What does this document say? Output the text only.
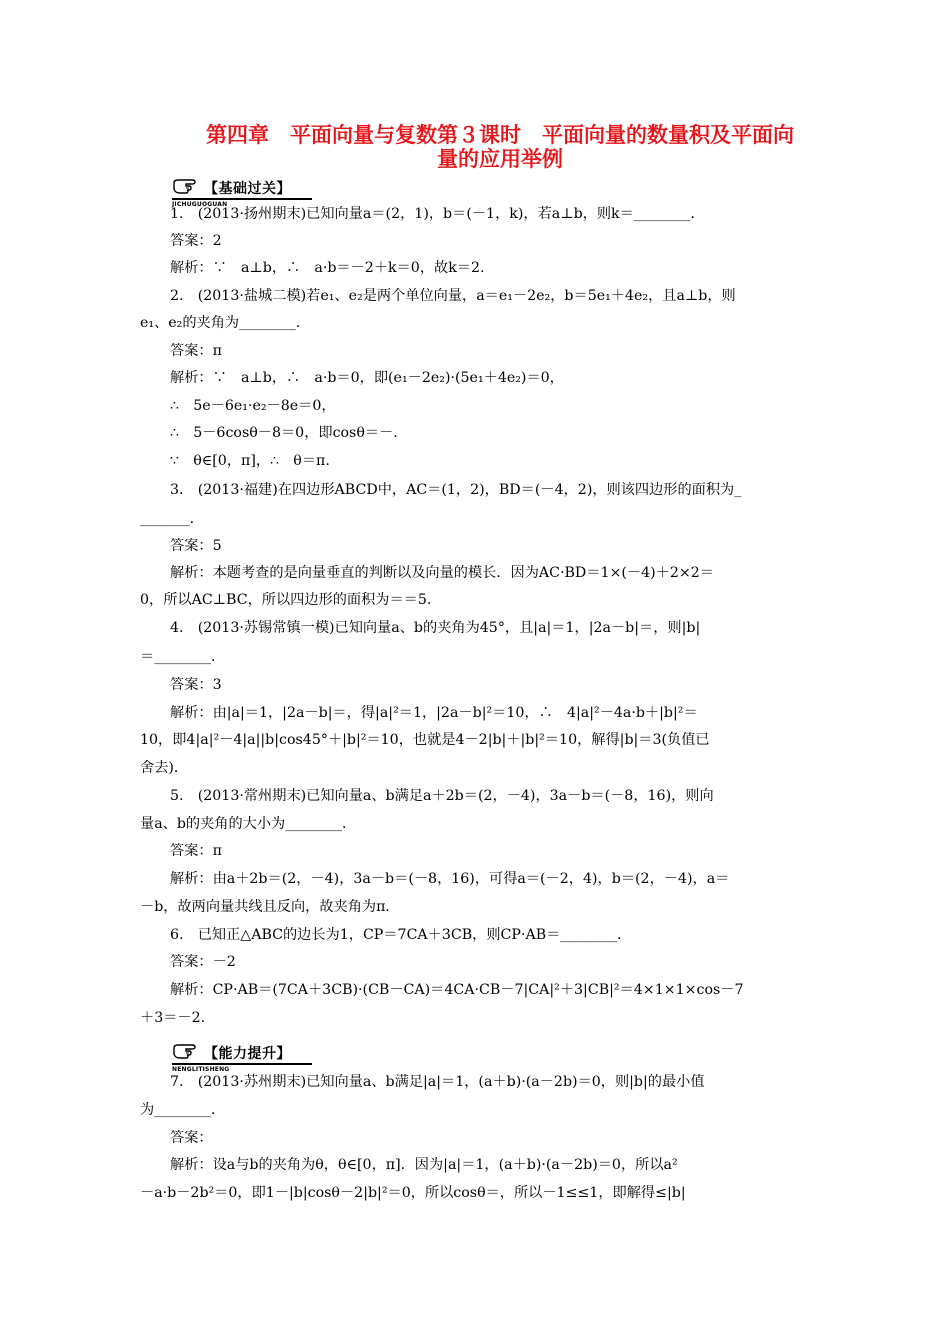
第四章　平面向量与复数第３课时　平面向量的数量积及平面向
量的应用举例
【基础过关】
JICHUGUOGUAN
1.　(2013·扬州期末)已知向量a＝(2，1)，b＝(－1，k)，若a⊥b，则k＝________．
答案：2
解析：∵　a⊥b，∴　a·b＝－2＋k＝0，故k＝2.
2.　(2013·盐城二模)若e₁、e₂是两个单位向量，a＝e₁－2e₂，b＝5e₁＋4e₂，且a⊥b，则
e₁、e₂的夹角为________．
答案：π
解析：∵　a⊥b，∴　a·b＝0，即(e₁－2e₂)·(5e₁＋4e₂)＝0，
∴　5e－6e₁·e₂－8e＝0，
∴　5－6cosθ－8＝0，即cosθ＝－.
∵　θ∈[0，π]，∴　θ＝π.
3.　(2013·福建)在四边形ABCD中，AC＝(1，2)，BD＝(－4，2)，则该四边形的面积为_
_______.
答案：5
解析：本题考查的是向量垂直的判断以及向量的模长．因为AC·BD＝1×(－4)＋2×2＝
0，所以AC⊥BC，所以四边形的面积为＝＝5.
4.　(2013·苏锡常镇一模)已知向量a、b的夹角为45°，且|a|＝1，|2a－b|＝，则|b|
＝________．
答案：3
解析：由|a|＝1，|2a－b|＝，得|a|²＝1，|2a－b|²＝10，∴　4|a|²－4a·b＋|b|²＝
10，即4|a|²－4|a||b|cos45°＋|b|²＝10，也就是4－2|b|＋|b|²＝10，解得|b|＝3(负值已
舍去)．
5.　(2013·常州期末)已知向量a、b满足a＋2b＝(2，－4)，3a－b＝(－8，16)，则向
量a、b的夹角的大小为________．
答案：π
解析：由a＋2b＝(2，－4)，3a－b＝(－8，16)，可得a＝(－2，4)，b＝(2，－4)，a＝
－b，故两向量共线且反向，故夹角为π．
6.　已知正△ABC的边长为1，CP＝7CA＋3CB，则CP·AB＝________．
答案：－2
解析：CP·AB＝(7CA＋3CB)·(CB－CA)＝4CA·CB－7|CA|²＋3|CB|²＝4×1×1×cos－7
＋3＝－2.
【能力提升】
NENGLITISHENG
7.　(2013·苏州期末)已知向量a、b满足|a|＝1，(a＋b)·(a－2b)＝0，则|b|的最小值
为________．
答案：
解析：设a与b的夹角为θ，θ∈[0，π]．因为|a|＝1，(a＋b)·(a－2b)＝0，所以a²
－a·b－2b²＝0，即1－|b|cosθ－2|b|²＝0，所以cosθ＝，所以－1≤≤1，即解得≤|b|
